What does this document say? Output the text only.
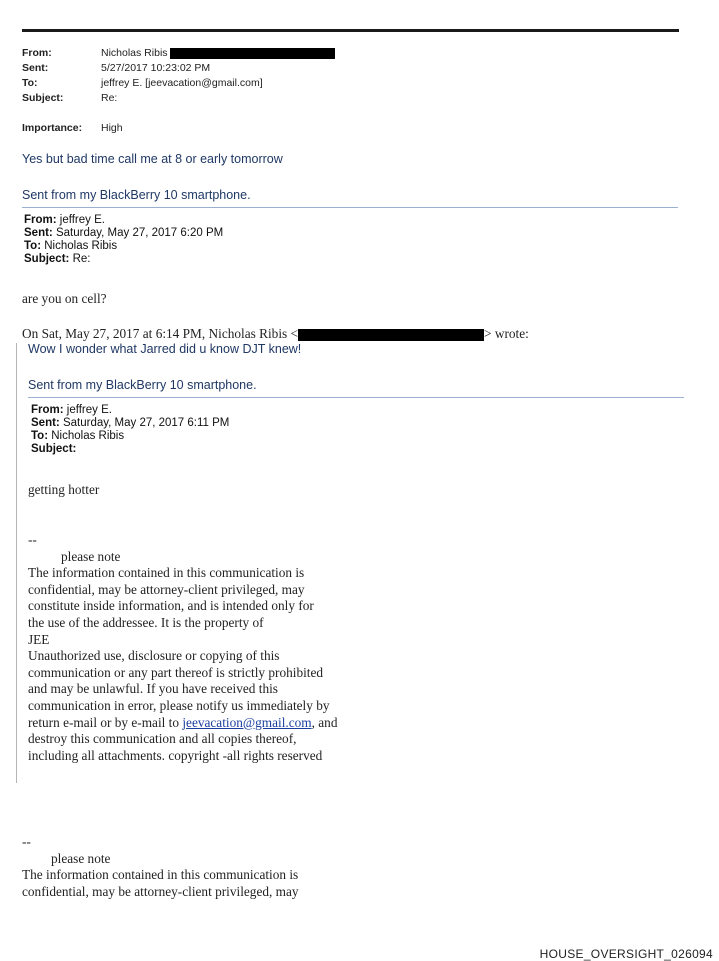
From:	Nicholas Ribis
Sent:	5/27/2017 10:23:02 PM
To:	jeffrey E. [jeevacation@gmail.com]
Subject:	Re:
Importance: High
Yes but bad time call me at 8 or early tomorrow
Sent from my BlackBerry 10 smartphone.
From: jeffrey E.
Sent: Saturday, May 27, 2017 6:20 PM
To: Nicholas Ribis
Subject: Re:
are you on cell?
On Sat, May 27, 2017 at 6:14 PM, Nicholas Ribis <	> wrote:
Wow I wonder what Jarred did u know DJT knew!
Sent from my BlackBerry 10 smartphone.
From: jeffrey E.
Sent: Saturday, May 27, 2017 6:11 PM
To: Nicholas Ribis
Subject:
getting hotter
--
please note
The information contained in this communication is
confidential, may be attorney-client privileged, may
constitute inside information, and is intended only for
the use of the addressee. It is the property of
JEE
Unauthorized use, disclosure or copying of this
communication or any part thereof is strictly prohibited
and may be unlawful. If you have received this
communication in error, please notify us immediately by
return e-mail or by e-mail to jeevacation@gmail.com, and
destroy this communication and all copies thereof,
including all attachments. copyright -all rights reserved
--
please note
The information contained in this communication is
confidential, may be attorney-client privileged, may
HOUSE_OVERSIGHT_026094
